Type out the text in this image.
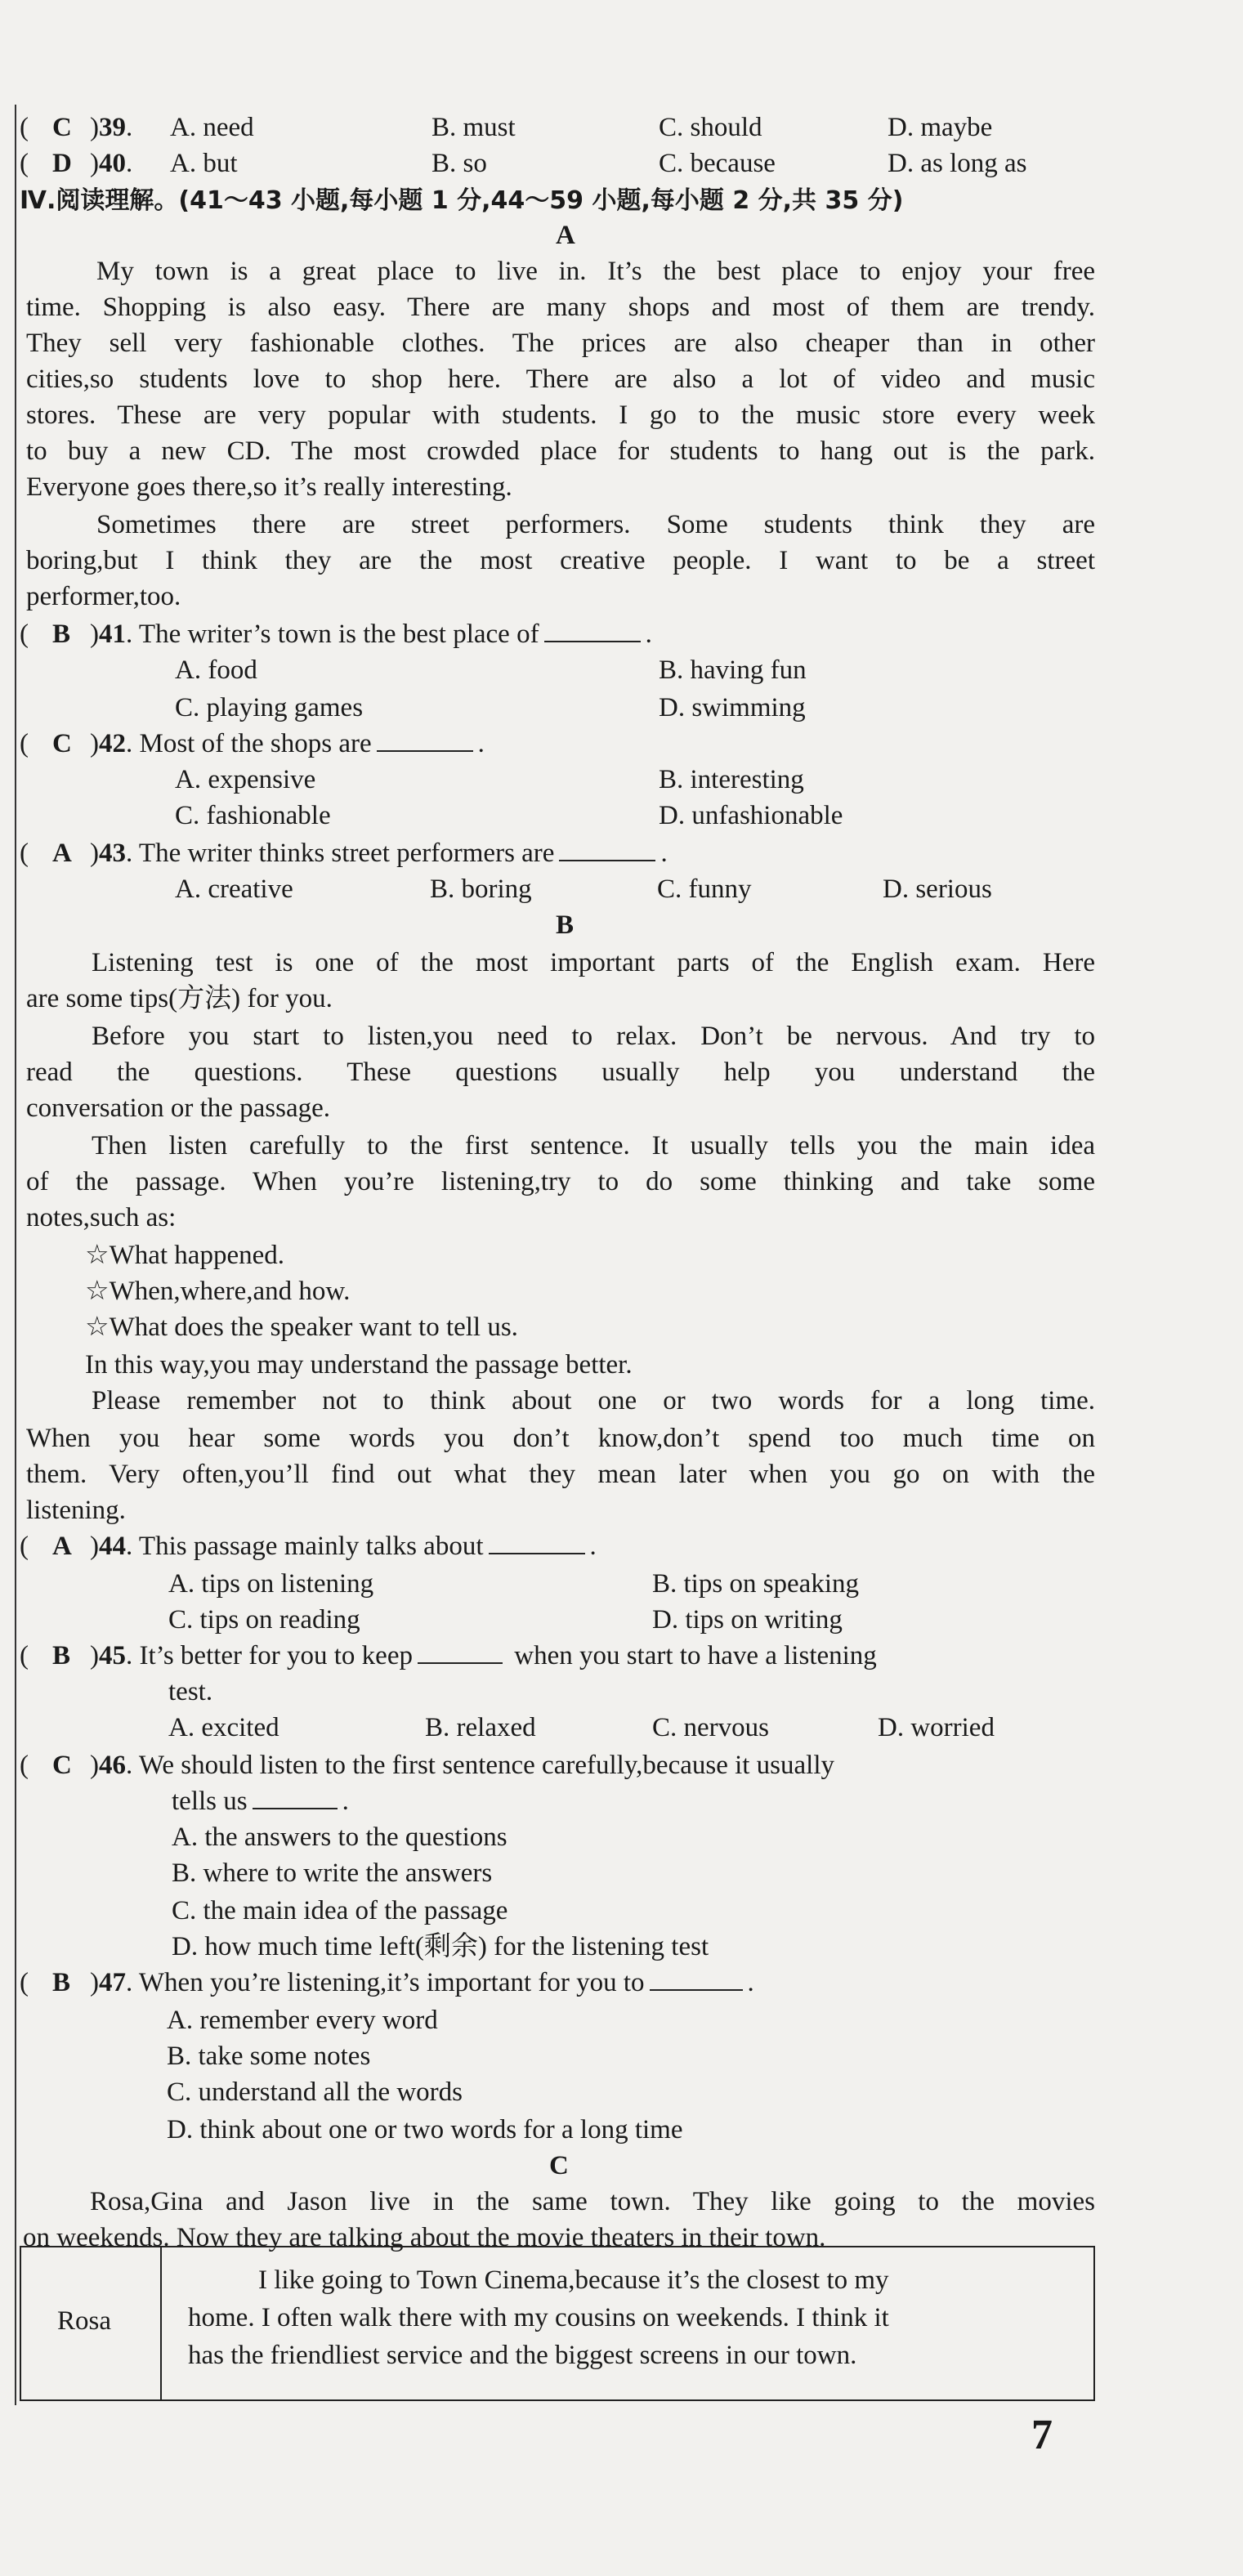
( C )39. A. need	B. must	C. should	D. maybe
( D )40. A. but	B. so	C. because	D. as long as
Ⅳ.阅读理解。(41～43 小题,每小题 1 分,44～59 小题,每小题 2 分,共 35 分)
A
My town is a great place to live in. It’s the best place to enjoy your free
time. Shopping is also easy. There are many shops and most of them are trendy.
They sell very fashionable clothes. The prices are also cheaper than in other
cities,so students love to shop here. There are also a lot of video and music
stores. These are very popular with students. I go to the music store every week
to buy a new CD. The most crowded place for students to hang out is the park.
Everyone goes there,so it’s really interesting.
Sometimes there are street performers. Some students think they are
boring,but I think they are the most creative people. I want to be a street
performer,too.
( B )41. The writer’s town is the best place of	.
A. food	B. having fun
C. playing games	D. swimming
( C )42. Most of the shops are	.
A. expensive	B. interesting
C. fashionable	D. unfashionable
( A )43. The writer thinks street performers are	.
A. creative	B. boring	C. funny	D. serious
B
Listening test is one of the most important parts of the English exam. Here
are some tips(方法) for you.
Before you start to listen,you need to relax. Don’t be nervous. And try to
read the questions. These questions usually help you understand the
conversation or the passage.
Then listen carefully to the first sentence. It usually tells you the main idea
of the passage. When you’re listening,try to do some thinking and take some
notes,such as:
☆What happened.
☆When,where,and how.
☆What does the speaker want to tell us.
In this way,you may understand the passage better.
Please remember not to think about one or two words for a long time.
When you hear some words you don’t know,don’t spend too much time on
them. Very often,you’ll find out what they mean later when you go on with the
listening.
( A )44. This passage mainly talks about	.
A. tips on listening	B. tips on speaking
C. tips on reading	D. tips on writing
( B )45. It’s better for you to keep	when you start to have a listening
test.
A. excited	B. relaxed	C. nervous	D. worried
( C )46. We should listen to the first sentence carefully,because it usually
tells us	.
A. the answers to the questions
B. where to write the answers
C. the main idea of the passage
D. how much time left(剩余) for the listening test
( B )47. When you’re listening,it’s important for you to	.
A. remember every word
B. take some notes
C. understand all the words
D. think about one or two words for a long time
C
Rosa,Gina and Jason live in the same town. They like going to the movies
on weekends. Now they are talking about the movie theaters in their town.
Rosa
I like going to Town Cinema,because it’s the closest to my
home. I often walk there with my cousins on weekends. I think it
has the friendliest service and the biggest screens in our town.
7
